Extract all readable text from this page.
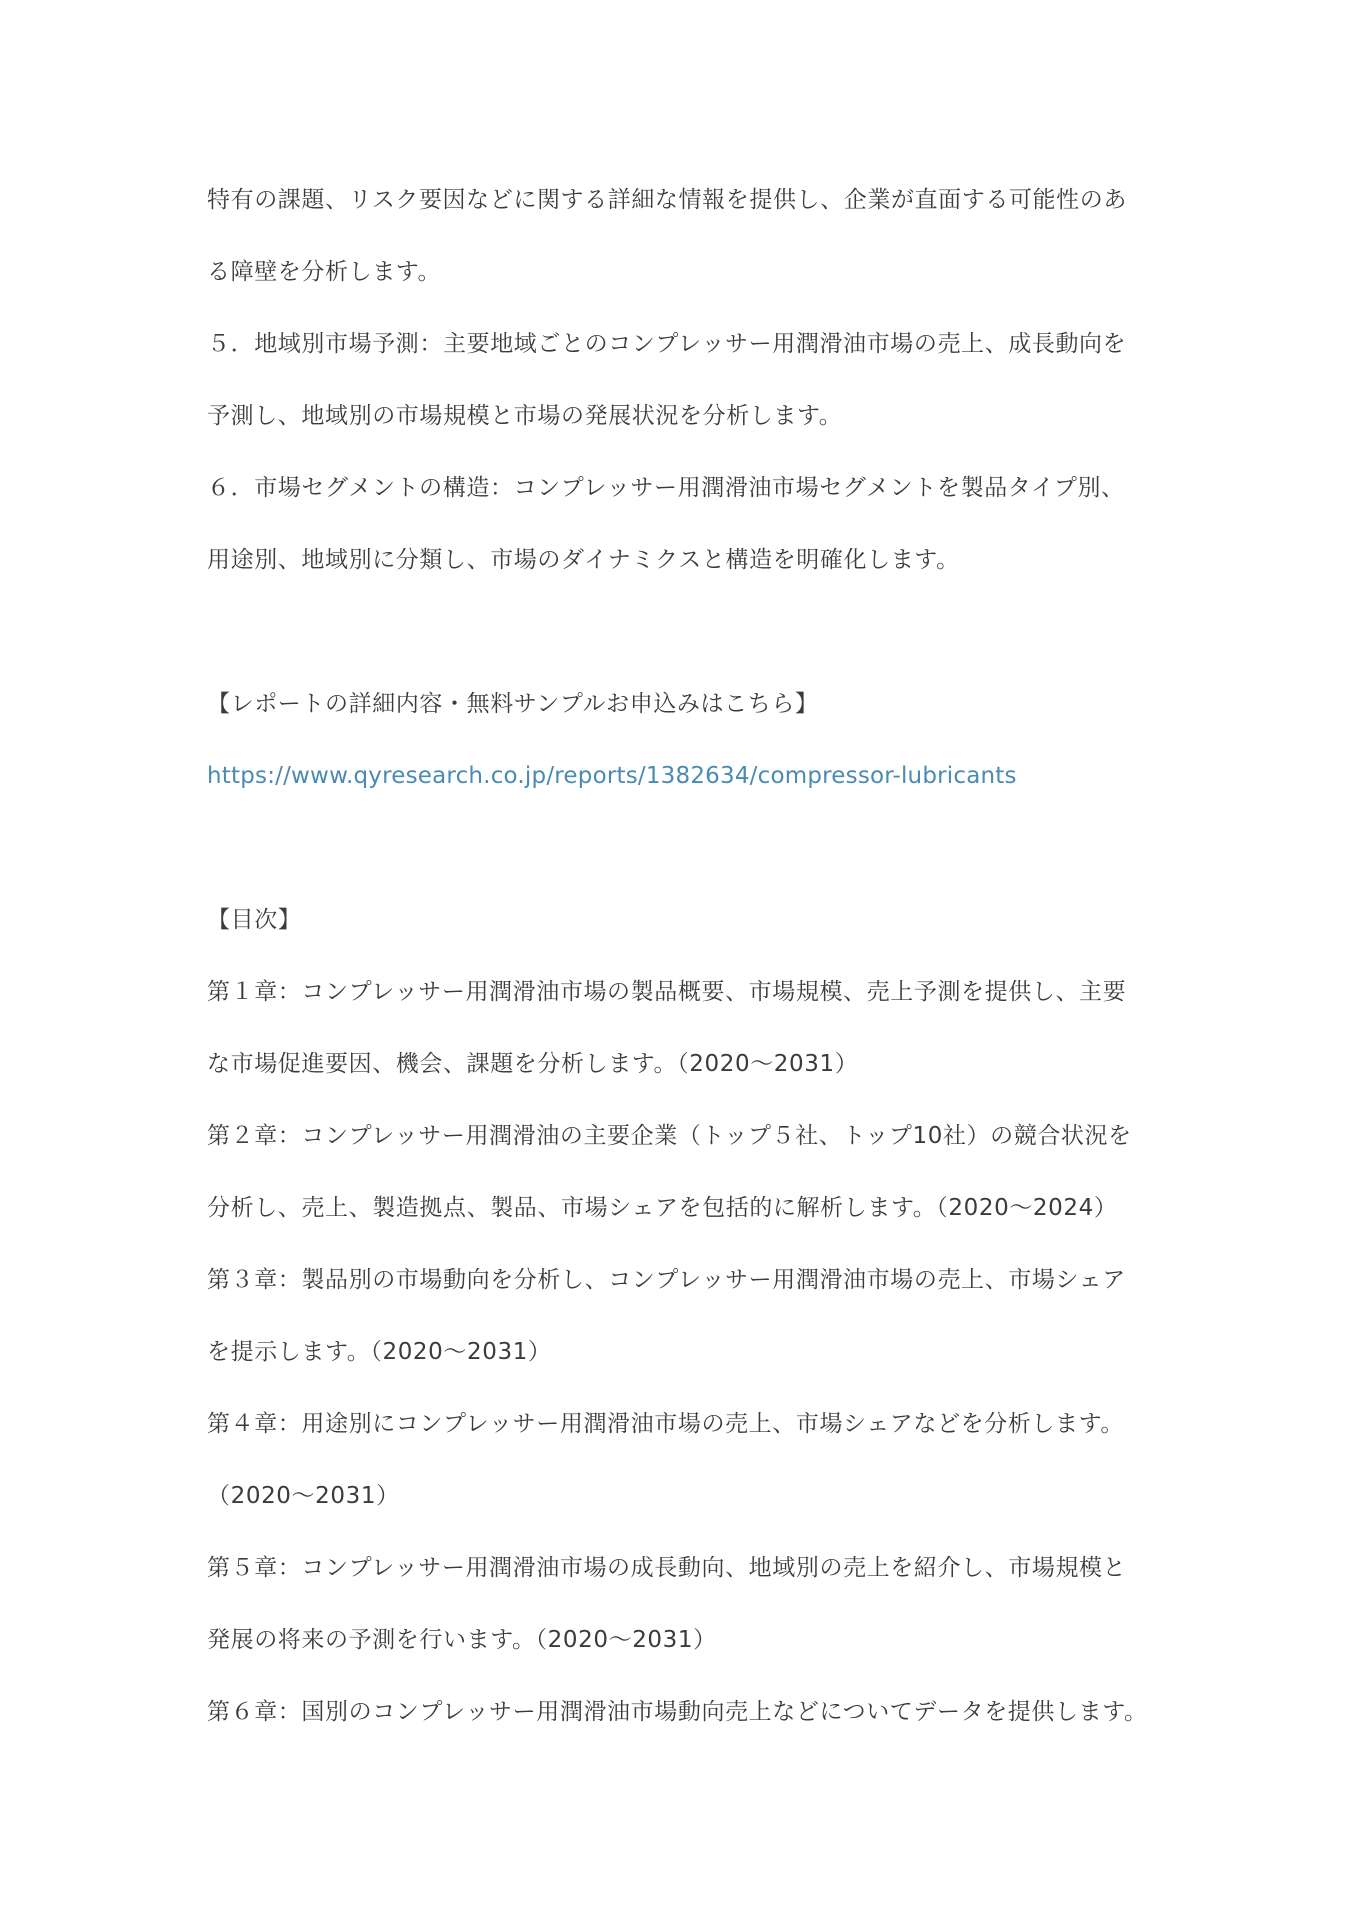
特有の課題、リスク要因などに関する詳細な情報を提供し、企業が直面する可能性のあ
る障壁を分析します。
５．地域別市場予測：主要地域ごとのコンプレッサー用潤滑油市場の売上、成長動向を
予測し、地域別の市場規模と市場の発展状況を分析します。
６．市場セグメントの構造：コンプレッサー用潤滑油市場セグメントを製品タイプ別、
用途別、地域別に分類し、市場のダイナミクスと構造を明確化します。
【レポートの詳細内容・無料サンプルお申込みはこちら】
https://www.qyresearch.co.jp/reports/1382634/compressor-lubricants
【目次】
第１章：コンプレッサー用潤滑油市場の製品概要、市場規模、売上予測を提供し、主要
な市場促進要因、機会、課題を分析します。（2020～2031）
第２章：コンプレッサー用潤滑油の主要企業（トップ５社、トップ10社）の競合状況を
分析し、売上、製造拠点、製品、市場シェアを包括的に解析します。（2020～2024）
第３章：製品別の市場動向を分析し、コンプレッサー用潤滑油市場の売上、市場シェア
を提示します。（2020～2031）
第４章：用途別にコンプレッサー用潤滑油市場の売上、市場シェアなどを分析します。
（2020～2031）
第５章：コンプレッサー用潤滑油市場の成長動向、地域別の売上を紹介し、市場規模と
発展の将来の予測を行います。（2020～2031）
第６章：国別のコンプレッサー用潤滑油市場動向売上などについてデータを提供します。
